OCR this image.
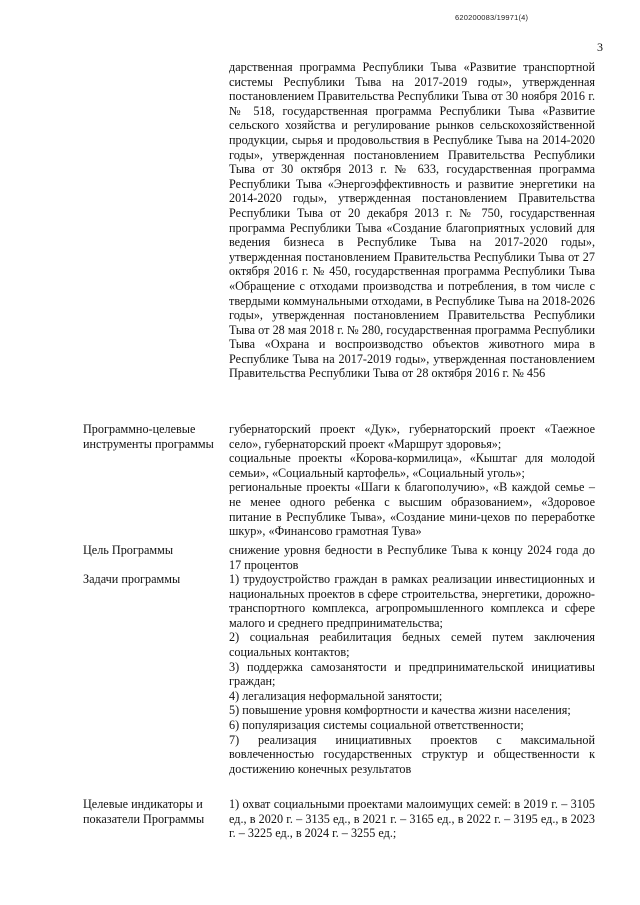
620200083/19971(4)
3

дарственная программа Республики Тыва «Развитие транспортной системы Республики Тыва на 2017-2019 годы», утвержденная постановлением Правительства Республики Тыва от 30 ноября 2016 г. № 518, государственная программа Республики Тыва «Развитие сельского хозяйства и регулирование рынков сельскохозяйственной продукции, сырья и продовольствия в Республике Тыва на 2014-2020 годы», утвержденная постановлением Правительства Республики Тыва от 30 октября 2013 г. № 633, государственная программа Республики Тыва «Энергоэффективность и развитие энергетики на 2014-2020 годы», утвержденная постановлением Правительства Республики Тыва от 20 декабря 2013 г. № 750, государственная программа Республики Тыва «Создание благоприятных условий для ведения бизнеса в Республике Тыва на 2017-2020 годы», утвержденная постановлением Правительства Республики Тыва от 27 октября 2016 г. № 450, государственная программа Республики Тыва «Обращение с отходами производства и потребления, в том числе с твердыми коммунальными отходами, в Республике Тыва на 2018-2026 годы», утвержденная постановлением Правительства Республики Тыва от 28 мая 2018 г. № 280, государственная программа Республики Тыва «Охрана и воспроизводство объектов животного мира в Республике Тыва на 2017-2019 годы», утвержденная постановлением Правительства Республики Тыва от 28 октября 2016 г. № 456

Программно-целевые инструменты программы

губернаторский проект «Дук», губернаторский проект «Таежное село», губернаторский проект «Маршрут здоровья»;

социальные проекты «Корова-кормилица», «Кыштаг для молодой семьи», «Социальный картофель», «Социальный уголь»;

региональные проекты «Шаги к благополучию», «В каждой семье – не менее одного ребенка с высшим образованием», «Здоровое питание в Республике Тыва», «Создание мини-цехов по переработке шкур», «Финансово грамотная Тува»

Цель Программы	снижение уровня бедности в Республике Тыва к концу 2024 года до 17 процентов

Задачи программы	1) трудоустройство граждан в рамках реализации инвестиционных и национальных проектов в сфере строительства, энергетики, дорожно-транспортного комплекса, агропромышленного комплекса и сфере малого и среднего предпринимательства;

2) социальная реабилитация бедных семей путем заключения социальных контактов;

3) поддержка самозанятости и предпринимательской инициативы граждан;

4) легализация неформальной занятости;

5) повышение уровня комфортности и качества жизни населения;

6) популяризация системы социальной ответственности;

7) реализация инициативных проектов с максимальной вовлеченностью государственных структур и общественности к достижению конечных результатов

Целевые индикаторы и показатели Программы

1) охват социальными проектами малоимущих семей: в 2019 г. – 3105 ед., в 2020 г. – 3135 ед., в 2021 г. – 3165 ед., в 2022 г. – 3195 ед., в 2023 г. – 3225 ед., в 2024 г. – 3255 ед.;
